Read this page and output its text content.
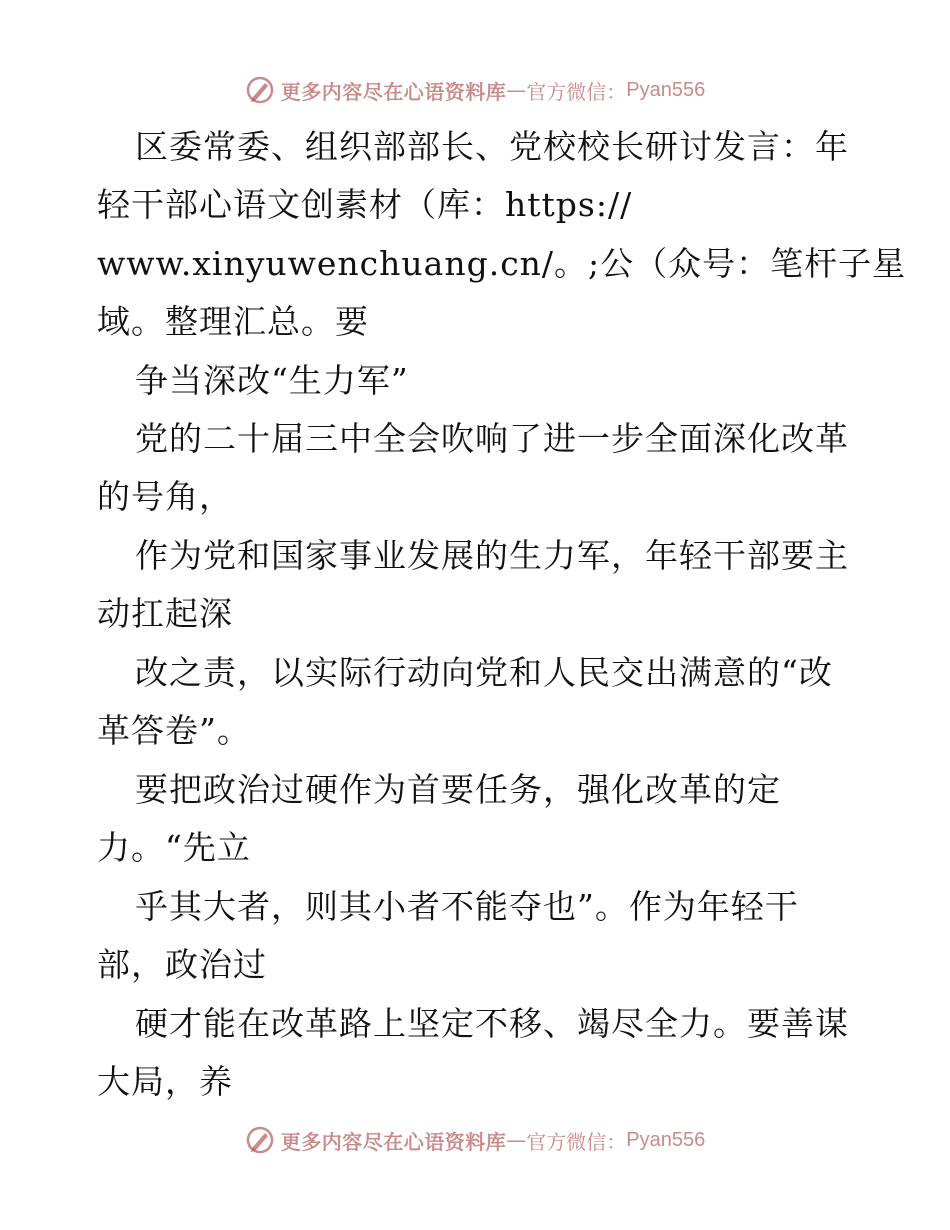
更多内容尽在心语资料库 — 官方微信： Pyan556
区委常委、组织部部长、党校校长研讨发言：年
轻干部心语文创素材（库：https://
www.xinyuwenchuang.cn/。;公（众号：笔杆子星
域。整理汇总。要
争当深改“生力军”
党的二十届三中全会吹响了进一步全面深化改革
的号角，
作为党和国家事业发展的生力军，年轻干部要主
动扛起深
改之责，以实际行动向党和人民交出满意的“改
革答卷”。
要把政治过硬作为首要任务，强化改革的定
力。“先立
乎其大者，则其小者不能夺也”。作为年轻干
部，政治过
硬才能在改革路上坚定不移、竭尽全力。要善谋
大局，养
更多内容尽在心语资料库 — 官方微信： Pyan556
